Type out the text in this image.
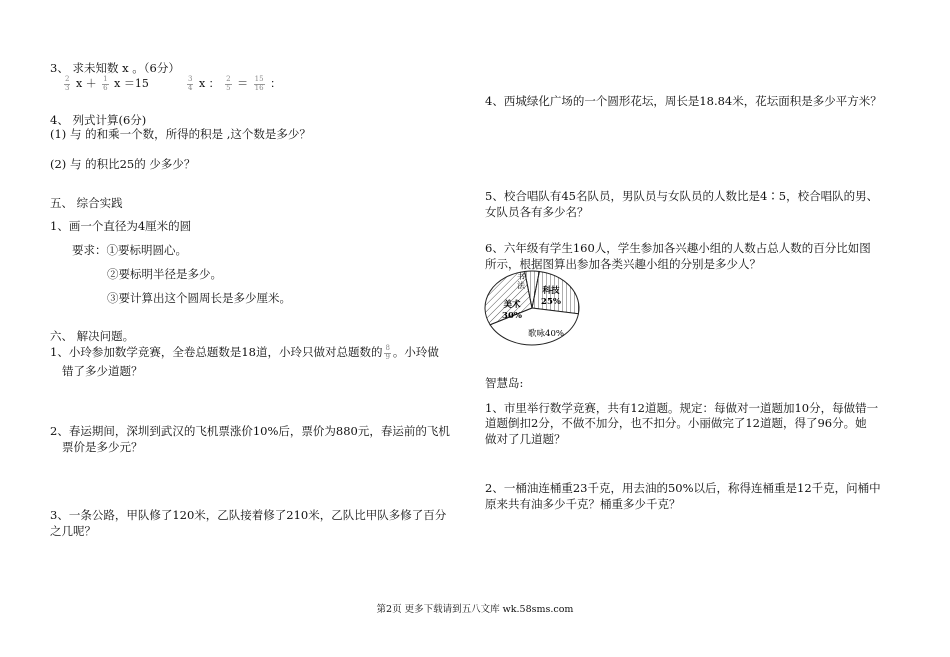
3、 求未知数 x 。（6分）
$\frac{2}{3}$ $x + \frac{1}{6}$ x ＝15	$\frac{3}{4}$ x ： $\frac{2}{5} = \frac{15}{16}$ ：
4、 列式计算(6分)
(1) 与 的和乘一个数，所得的积是 ,这个数是多少？
(2) 与 的积比25的 少多少？
五、 综合实践
1、画一个直径为4厘米的圆
要求：①要标明圆心。
②要标明半径是多少。
③要计算出这个圆周长是多少厘米。
六、 解决问题。
1、小玲参加数学竞赛，全卷总题数是18道，小玲只做对总题数的 $\frac{8}{9}$ 。小玲做
错了多少道题？
2、春运期间，深圳到武汉的飞机票涨价10%后，票价为880元，春运前的飞机
票价是多少元？
3、一条公路，甲队修了120米，乙队接着修了210米，乙队比甲队多修了百分
之几呢？
4、西城绿化广场的一个圆形花坛，周长是18.84米，花坛面积是多少平方米？
5、校合唱队有45名队员，男队员与女队员的人数比是4∶5，校合唱队的男、
女队员各有多少名？
6、六年级有学生160人，学生参加各兴趣小组的人数占总人数的百分比如图
所示，根据图算出参加各类兴趣小组的分别是多少人？
书
法
科技
25%
美术
30%
歌咏40%
智慧岛:
1、市里举行数学竞赛，共有12道题。规定：每做对一道题加10分，每做错一
道题倒扣2分，不做不加分，也不扣分。小丽做完了12道题，得了96分。她
做对了几道题？
2、一桶油连桶重23千克，用去油的50%以后，称得连桶重是12千克，问桶中
原来共有油多少千克？桶重多少千克？
第2页 更多下载请到五八文库 wk.58sms.com
